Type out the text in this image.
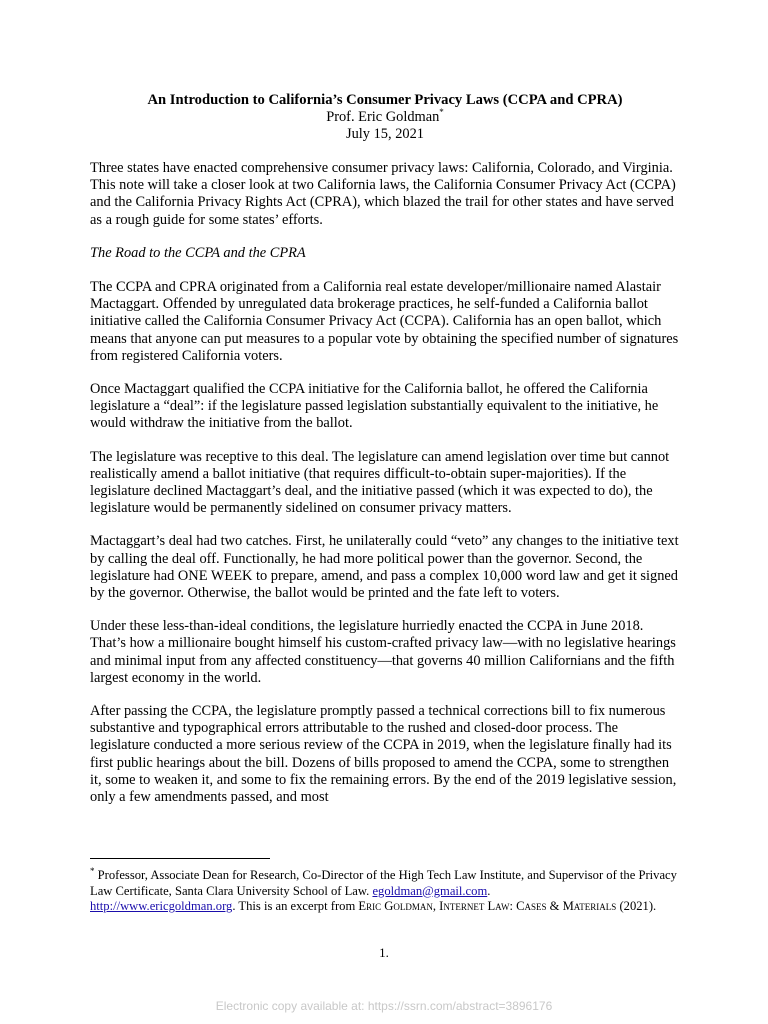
An Introduction to California’s Consumer Privacy Laws (CCPA and CPRA)

Prof. Eric Goldman*

July 15, 2021

Three states have enacted comprehensive consumer privacy laws: California, Colorado, and Virginia. This note will take a closer look at two California laws, the California Consumer Privacy Act (CCPA) and the California Privacy Rights Act (CPRA), which blazed the trail for other states and have served as a rough guide for some states’ efforts.

The Road to the CCPA and the CPRA

The CCPA and CPRA originated from a California real estate developer/millionaire named Alastair Mactaggart. Offended by unregulated data brokerage practices, he self-funded a California ballot initiative called the California Consumer Privacy Act (CCPA). California has an open ballot, which means that anyone can put measures to a popular vote by obtaining the specified number of signatures from registered California voters.

Once Mactaggart qualified the CCPA initiative for the California ballot, he offered the California legislature a “deal”: if the legislature passed legislation substantially equivalent to the initiative, he would withdraw the initiative from the ballot.

The legislature was receptive to this deal. The legislature can amend legislation over time but cannot realistically amend a ballot initiative (that requires difficult-to-obtain super-majorities). If the legislature declined Mactaggart’s deal, and the initiative passed (which it was expected to do), the legislature would be permanently sidelined on consumer privacy matters.

Mactaggart’s deal had two catches. First, he unilaterally could “veto” any changes to the initiative text by calling the deal off. Functionally, he had more political power than the governor. Second, the legislature had ONE WEEK to prepare, amend, and pass a complex 10,000 word law and get it signed by the governor. Otherwise, the ballot would be printed and the fate left to voters.

Under these less-than-ideal conditions, the legislature hurriedly enacted the CCPA in June 2018. That’s how a millionaire bought himself his custom-crafted privacy law—with no legislative hearings and minimal input from any affected constituency—that governs 40 million Californians and the fifth largest economy in the world.

After passing the CCPA, the legislature promptly passed a technical corrections bill to fix numerous substantive and typographical errors attributable to the rushed and closed-door process. The legislature conducted a more serious review of the CCPA in 2019, when the legislature finally had its first public hearings about the bill. Dozens of bills proposed to amend the CCPA, some to strengthen it, some to weaken it, and some to fix the remaining errors. By the end of the 2019 legislative session, only a few amendments passed, and most

* Professor, Associate Dean for Research, Co-Director of the High Tech Law Institute, and Supervisor of the Privacy Law Certificate, Santa Clara University School of Law. egoldman@gmail.com.
http://www.ericgoldman.org. This is an excerpt from Eric Goldman, Internet Law: Cases & Materials (2021).
1.
Electronic copy available at: https://ssrn.com/abstract=3896176
